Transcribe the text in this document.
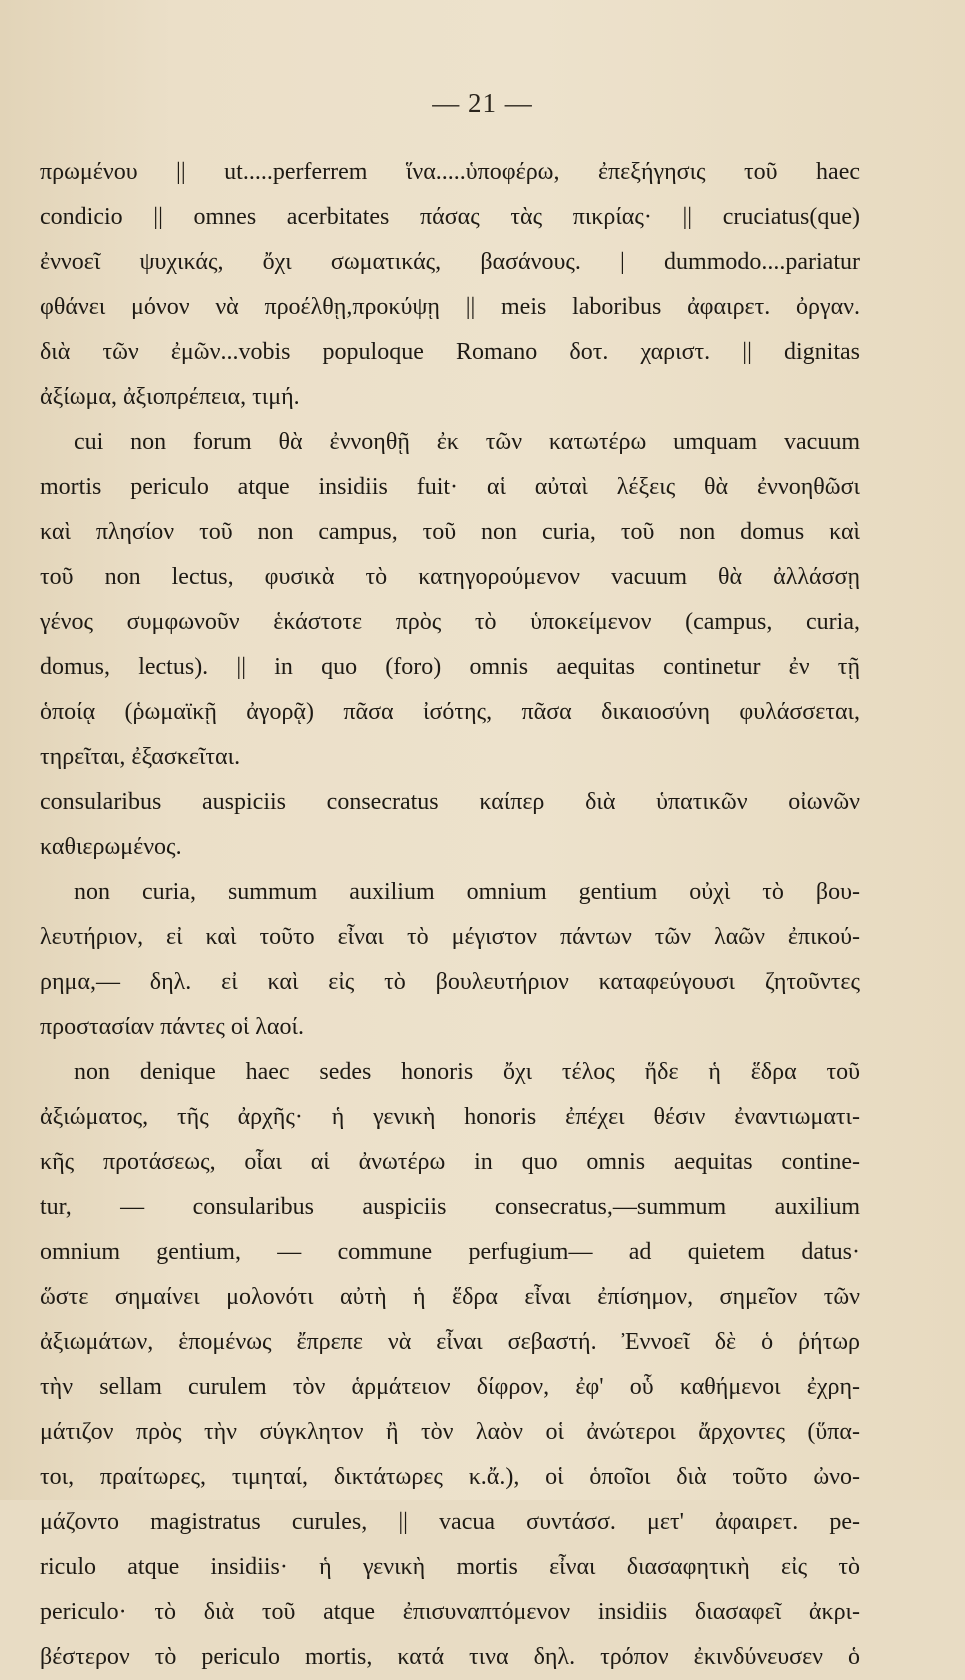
— 21 —
πρωμένου || ut.....perferrem ἵνα.....ὑποφέρω, ἐπεξήγησις τοῦ haec
condicio || omnes acerbitates πάσας τὰς πικρίας· || cruciatus(que)
ἐννοεῖ ψυχικάς, ὄχι σωματικάς, βασάνους. | dummodo....pariatur
φθάνει μόνον νὰ προέλθῃ,προκύψῃ || meis laboribus ἀφαιρετ. ὀργαν.
διὰ τῶν ἐμῶν...vobis populoque Romano δοτ. χαριστ. || dignitas
ἀξίωμα, ἀξιοπρέπεια, τιμή.
cui non forum θὰ ἐννοηθῇ ἐκ τῶν κατωτέρω umquam vacuum
mortis periculo atque insidiis fuit· αἱ αὐταὶ λέξεις θὰ ἐννοηθῶσι
καὶ πλησίον τοῦ non campus, τοῦ non curia, τοῦ non domus καὶ
τοῦ non lectus, φυσικὰ τὸ κατηγορούμενον vacuum θὰ ἀλλάσσῃ
γένος συμφωνοῦν ἑκάστοτε πρὸς τὸ ὑποκείμενον (campus, curia,
domus, lectus). || in quo (foro) omnis aequitas continetur ἐν τῇ
ὁποίᾳ (ῥωμαϊκῇ ἀγορᾷ) πᾶσα ἰσότης, πᾶσα δικαιοσύνη φυλάσσεται,
τηρεῖται, ἐξασκεῖται.
consularibus auspiciis consecratus καίπερ διὰ ὑπατικῶν οἰωνῶν
καθιερωμένος.
non curia, summum auxilium omnium gentium οὐχὶ τὸ βου-
λευτήριον, εἰ καὶ τοῦτο εἶναι τὸ μέγιστον πάντων τῶν λαῶν ἐπικού-
ρημα,— δηλ. εἰ καὶ εἰς τὸ βουλευτήριον καταφεύγουσι ζητοῦντες
προστασίαν πάντες οἱ λαοί.
non denique haec sedes honoris ὄχι τέλος ἥδε ἡ ἕδρα τοῦ
ἀξιώματος, τῆς ἀρχῆς· ἡ γενικὴ honoris ἐπέχει θέσιν ἐναντιωματι-
κῆς προτάσεως, οἷαι αἱ ἀνωτέρω in quo omnis aequitas contine-
tur, — consularibus auspiciis consecratus,—summum auxilium
omnium gentium, — commune perfugium— ad quietem datus·
ὥστε σημαίνει μολονότι αὐτὴ ἡ ἕδρα εἶναι ἐπίσημον, σημεῖον τῶν
ἀξιωμάτων, ἑπομένως ἔπρεπε νὰ εἶναι σεβαστή. Ἐννοεῖ δὲ ὁ ῥήτωρ
τὴν sellam curulem τὸν ἁρμάτειον δίφρον, ἐφ' οὗ καθήμενοι ἐχρη-
μάτιζον πρὸς τὴν σύγκλητον ἢ τὸν λαὸν οἱ ἀνώτεροι ἄρχοντες (ὕπα-
τοι, πραίτωρες, τιμηταί, δικτάτωρες κ.ἄ.), οἱ ὁποῖοι διὰ τοῦτο ὠνο-
μάζοντο magistratus curules, || vacua συντάσσ. μετ' ἀφαιρετ. pe-
riculo atque insidiis· ἡ γενικὴ mortis εἶναι διασαφητικὴ εἰς τὸ
periculo· τὸ διὰ τοῦ atque ἐπισυναπτόμενον insidiis διασαφεῖ ἀκρι-
βέστερον τὸ periculo mortis, κατά τινα δηλ. τρόπον ἐκινδύνευσεν ὁ
